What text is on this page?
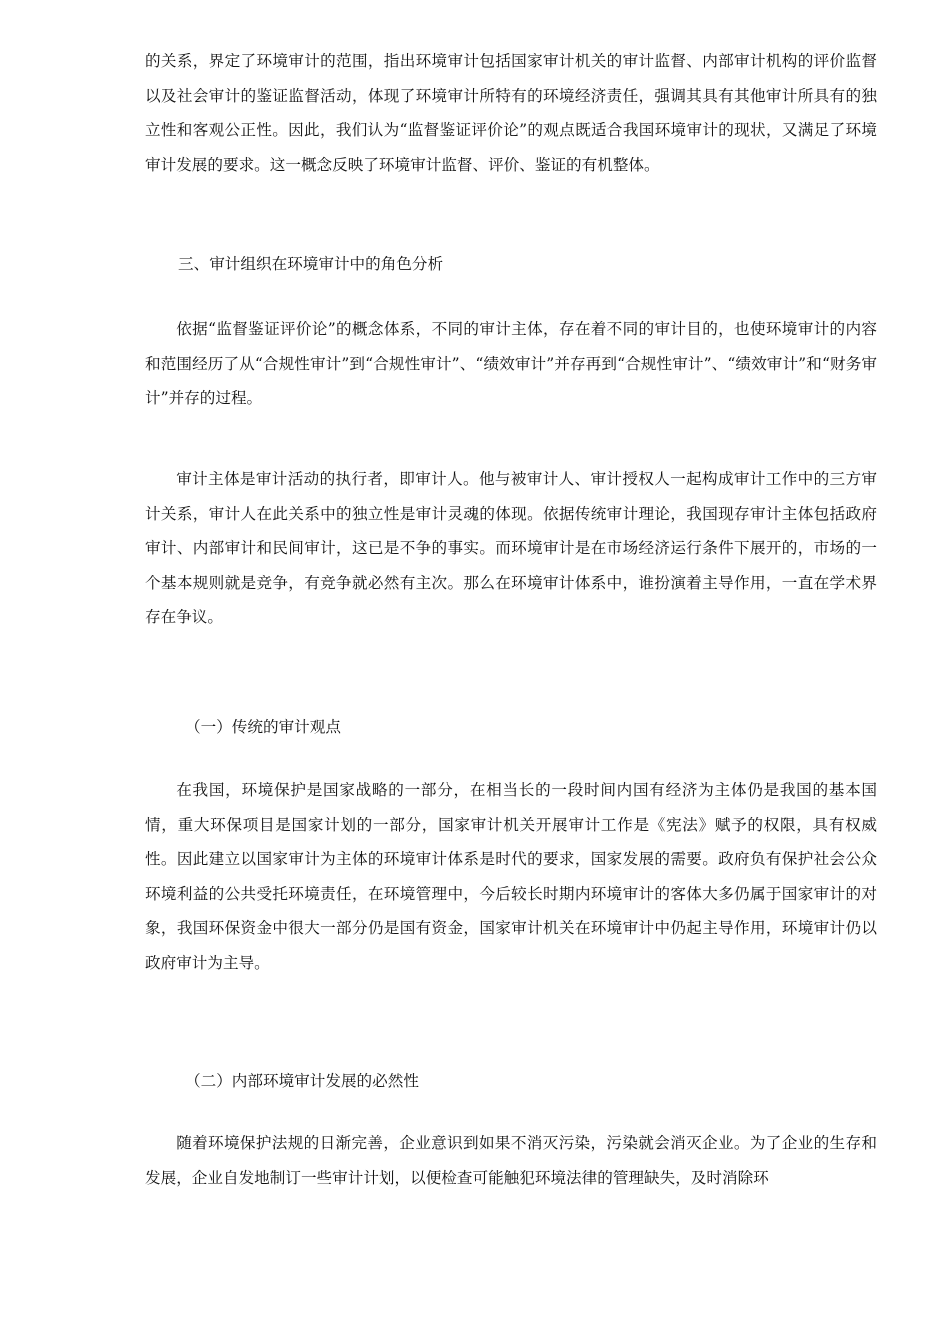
的关系，界定了环境审计的范围，指出环境审计包括国家审计机关的审计监督、内部审计机构的评价监督以及社会审计的鉴证监督活动，体现了环境审计所特有的环境经济责任，强调其具有其他审计所具有的独立性和客观公正性。因此，我们认为“监督鉴证评价论”的观点既适合我国环境审计的现状，又满足了环境审计发展的要求。这一概念反映了环境审计监督、评价、鉴证的有机整体。

三、审计组织在环境审计中的角色分析

依据“监督鉴证评价论”的概念体系，不同的审计主体，存在着不同的审计目的，也使环境审计的内容和范围经历了从“合规性审计”到“合规性审计”、“绩效审计”并存再到“合规性审计”、“绩效审计”和“财务审计”并存的过程。

审计主体是审计活动的执行者，即审计人。他与被审计人、审计授权人一起构成审计工作中的三方审计关系，审计人在此关系中的独立性是审计灵魂的体现。依据传统审计理论，我国现存审计主体包括政府审计、内部审计和民间审计，这已是不争的事实。而环境审计是在市场经济运行条件下展开的，市场的一个基本规则就是竞争，有竞争就必然有主次。那么在环境审计体系中，谁扮演着主导作用，一直在学术界存在争议。

（一）传统的审计观点

在我国，环境保护是国家战略的一部分，在相当长的一段时间内国有经济为主体仍是我国的基本国情，重大环保项目是国家计划的一部分，国家审计机关开展审计工作是《宪法》赋予的权限，具有权威性。因此建立以国家审计为主体的环境审计体系是时代的要求，国家发展的需要。政府负有保护社会公众环境利益的公共受托环境责任，在环境管理中，今后较长时期内环境审计的客体大多仍属于国家审计的对象，我国环保资金中很大一部分仍是国有资金，国家审计机关在环境审计中仍起主导作用，环境审计仍以政府审计为主导。

（二）内部环境审计发展的必然性

随着环境保护法规的日渐完善，企业意识到如果不消灭污染，污染就会消灭企业。为了企业的生存和发展，企业自发地制订一些审计计划，以便检查可能触犯环境法律的管理缺失，及时消除环
